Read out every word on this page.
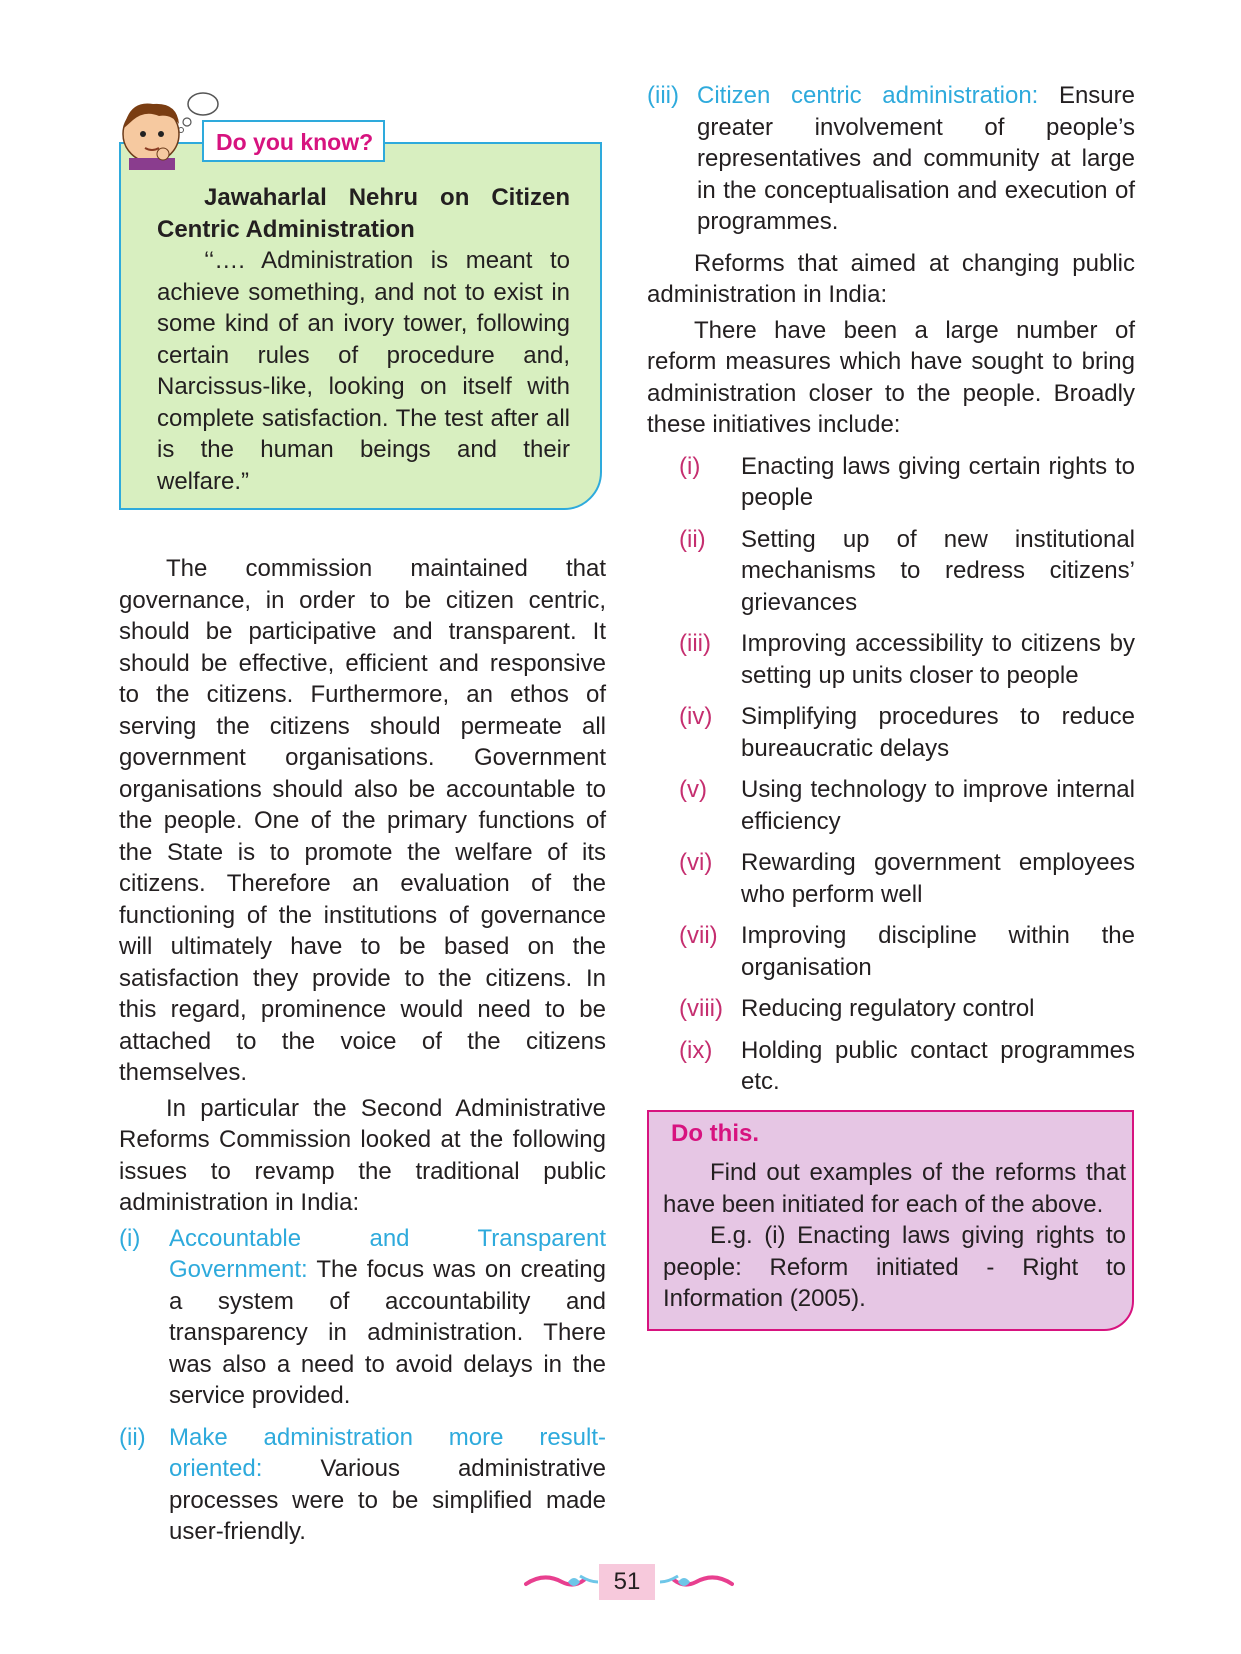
Do you know?

Jawaharlal Nehru on Citizen Centric Administration

‘‘…. Administration is meant to achieve something, and not to exist in some kind of an ivory tower, following certain rules of procedure and, Narcissus-like, looking on itself with complete satisfaction. The test after all is the human beings and their welfare.”

The commission maintained that governance, in order to be citizen centric, should be participative and transparent. It should be effective, efficient and responsive to the citizens. Furthermore, an ethos of serving the citizens should permeate all government organisations. Government organisations should also be accountable to the people. One of the primary functions of the State is to promote the welfare of its citizens. Therefore an evaluation of the functioning of the institutions of governance will ultimately have to be based on the satisfaction they provide to the citizens. In this regard, prominence would need to be attached to the voice of the citizens themselves.

In particular the Second Administrative Reforms Commission looked at the following issues to revamp the traditional public administration in India:

(i)	Accountable and Transparent Government: The focus was on creating a system of accountability and transparency in administration. There was also a need to avoid delays in the service provided.
(ii) Make administration more result-oriented: Various administrative processes were to be simplified made user-friendly.
(iii) Citizen centric administration: Ensure greater involvement of people’s representatives and community at large in the conceptualisation and execution of programmes.

Reforms that aimed at changing public administration in India:

There have been a large number of reform measures which have sought to bring administration closer to the people. Broadly these initiatives include:

(i)	Enacting laws giving certain rights to people
(ii)	Setting up of new institutional mechanisms to redress citizens’ grievances
(iii)	Improving accessibility to citizens by setting up units closer to people
(iv)	Simplifying procedures to reduce bureaucratic delays
(v)	Using technology to improve internal efficiency
(vi)	Rewarding government employees who perform well
(vii) Improving discipline within the organisation
(viii) Reducing regulatory control
(ix)	Holding public contact programmes etc.
Do this.

Find out examples of the reforms that have been initiated for each of the above.

E.g. (i) Enacting laws giving rights to people: Reform initiated - Right to Information (2005).

51
